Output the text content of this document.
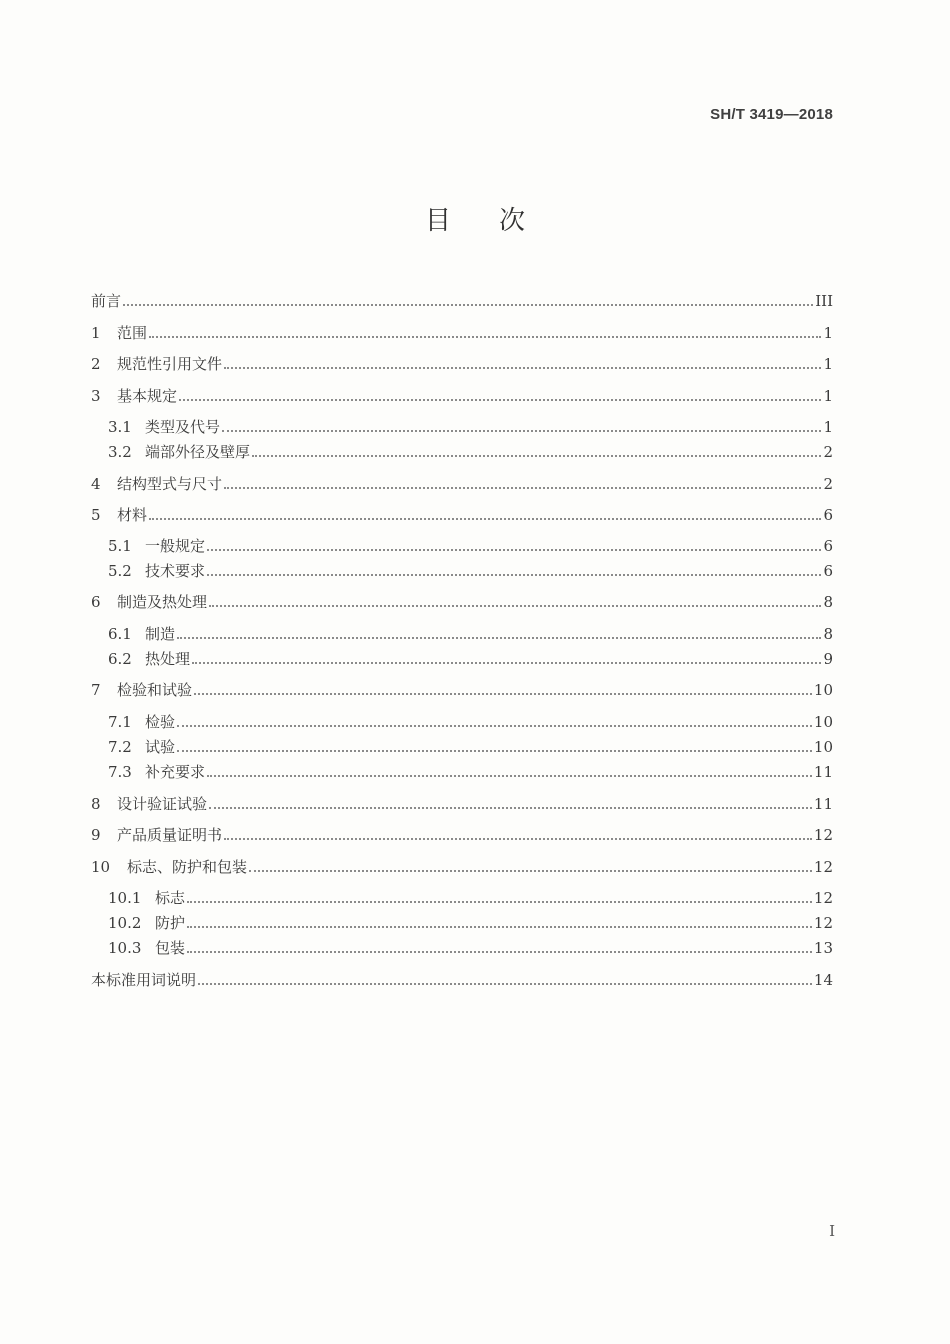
SH/T 3419—2018
目 次
前言	III
1	范围	1
2	规范性引用文件	1
3	基本规定	1
3.1 类型及代号	1
3.2 端部外径及壁厚	2
4	结构型式与尺寸	2
5	材料	6
5.1 一般规定	6
5.2 技术要求	6
6	制造及热处理	8
6.1 制造	8
6.2 热处理	9
7	检验和试验	10
7.1 检验	10
7.2 试验	10
7.3 补充要求	11
8	设计验证试验	11
9	产品质量证明书	12
10	标志、防护和包装	12
10.1 标志	12
10.2 防护	12
10.3 包装	13
本标准用词说明	14
I
